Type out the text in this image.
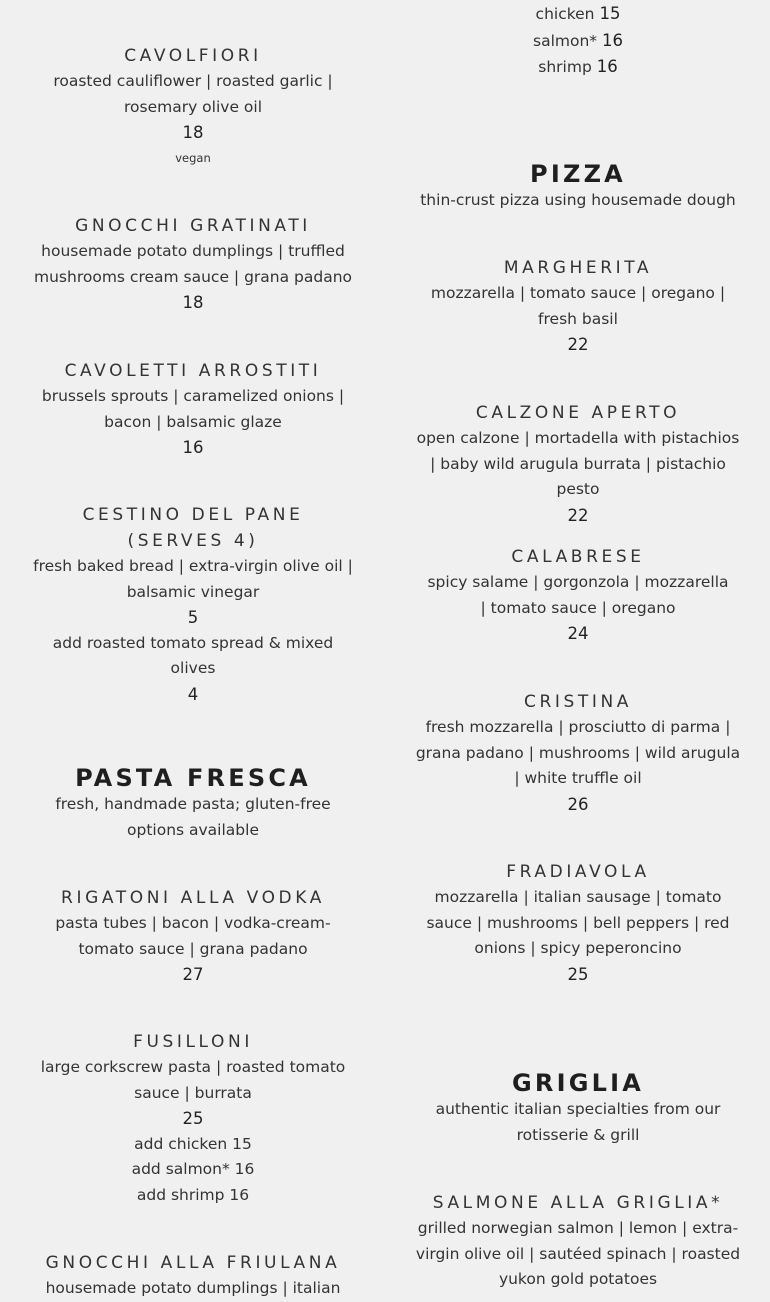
CAVOLFIORI
roasted cauliflower | roasted garlic | rosemary olive oil
18
vegan
GNOCCHI GRATINATI
housemade potato dumplings | truffled mushrooms cream sauce | grana padano
18
CAVOLETTI ARROSTITI
brussels sprouts | caramelized onions | bacon | balsamic glaze
16
CESTINO DEL PANE
(SERVES 4)
fresh baked bread | extra-virgin olive oil | balsamic vinegar
5
add roasted tomato spread & mixed olives
4
PASTA FRESCA
fresh, handmade pasta; gluten-free options available
RIGATONI ALLA VODKA
pasta tubes | bacon | vodka-cream-tomato sauce | grana padano
27
FUSILLONI
large corkscrew pasta | roasted tomato sauce | burrata
25
add chicken 15
add salmon* 16
add shrimp 16
GNOCCHI ALLA FRIULANA
housemade potato dumplings | italian
chicken 15
salmon* 16
shrimp 16
PIZZA
thin-crust pizza using housemade dough
MARGHERITA
mozzarella | tomato sauce | oregano | fresh basil
22
CALZONE APERTO
open calzone | mortadella with pistachios | baby wild arugula burrata | pistachio pesto
22
CALABRESE
spicy salame | gorgonzola | mozzarella | tomato sauce | oregano
24
CRISTINA
fresh mozzarella | prosciutto di parma | grana padano | mushrooms | wild arugula | white truffle oil
26
FRADIAVOLA
mozzarella | italian sausage | tomato sauce | mushrooms | bell peppers | red onions | spicy peperoncino
25
GRIGLIA
authentic italian specialties from our rotisserie & grill
SALMONE ALLA GRIGLIA*
grilled norwegian salmon | lemon | extra-virgin olive oil | sautéed spinach | roasted yukon gold potatoes
